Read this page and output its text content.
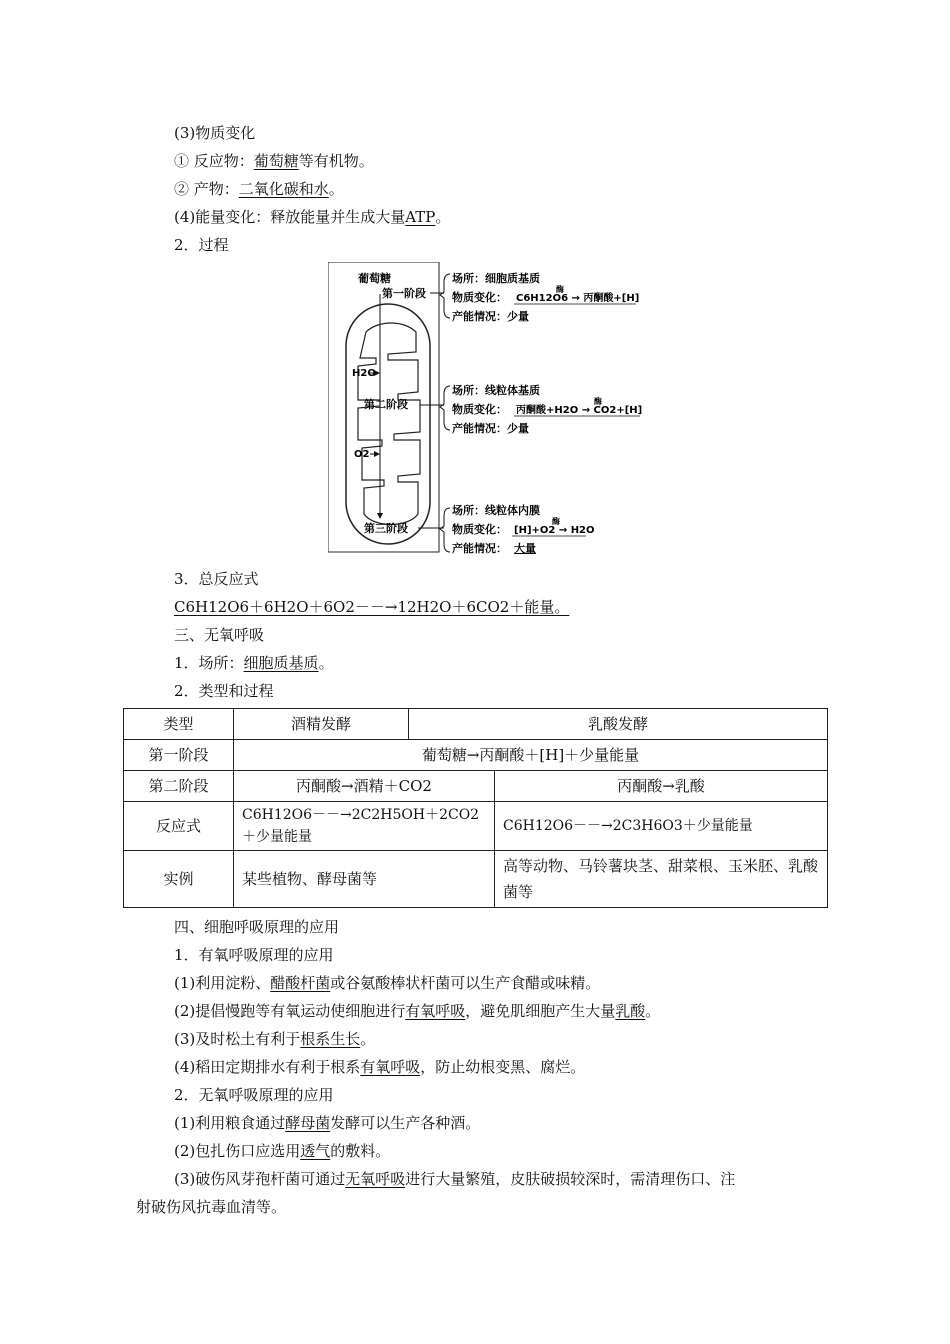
(3)物质变化
① 反应物：葡萄糖等有机物。
② 产物：二氧化碳和水。
(4)能量变化：释放能量并生成大量ATP。
2．过程
葡萄糖
第一阶段
H2O
第二阶段
O2
第三阶段
场所：细胞质基质
物质变化： C6H12O6 → 丙酮酸+[H]
酶
产能情况：少量
场所：线粒体基质
物质变化： 丙酮酸+H2O → CO2+[H]
酶
产能情况：少量
场所：线粒体内膜
物质变化： [H]+O2 → H2O
酶
产能情况： 大量
3．总反应式
C6H12O6＋6H2O＋6O2－－→12H2O＋6CO2＋能量。
三、无氧呼吸
1．场所：细胞质基质。
2．类型和过程
类型	酒精发酵	乳酸发酵	
第一阶段	葡萄糖→丙酮酸＋[H]＋少量能量		
第二阶段	丙酮酸→酒精＋CO2		丙酮酸→乳酸
反应式	C6H12O6－－→2C2H5OH＋2CO2＋少量能量		C6H12O6－－→2C3H6O3＋少量能量
实例	某些植物、酵母菌等		高等动物、马铃薯块茎、甜菜根、玉米胚、乳酸菌等
四、细胞呼吸原理的应用
1．有氧呼吸原理的应用
(1)利用淀粉、醋酸杆菌或谷氨酸棒状杆菌可以生产食醋或味精。
(2)提倡慢跑等有氧运动使细胞进行有氧呼吸，避免肌细胞产生大量乳酸。
(3)及时松土有利于根系生长。
(4)稻田定期排水有利于根系有氧呼吸，防止幼根变黑、腐烂。
2．无氧呼吸原理的应用
(1)利用粮食通过酵母菌发酵可以生产各种酒。
(2)包扎伤口应选用透气的敷料。
(3)破伤风芽孢杆菌可通过无氧呼吸进行大量繁殖，皮肤破损较深时，需清理伤口、注
射破伤风抗毒血清等。
